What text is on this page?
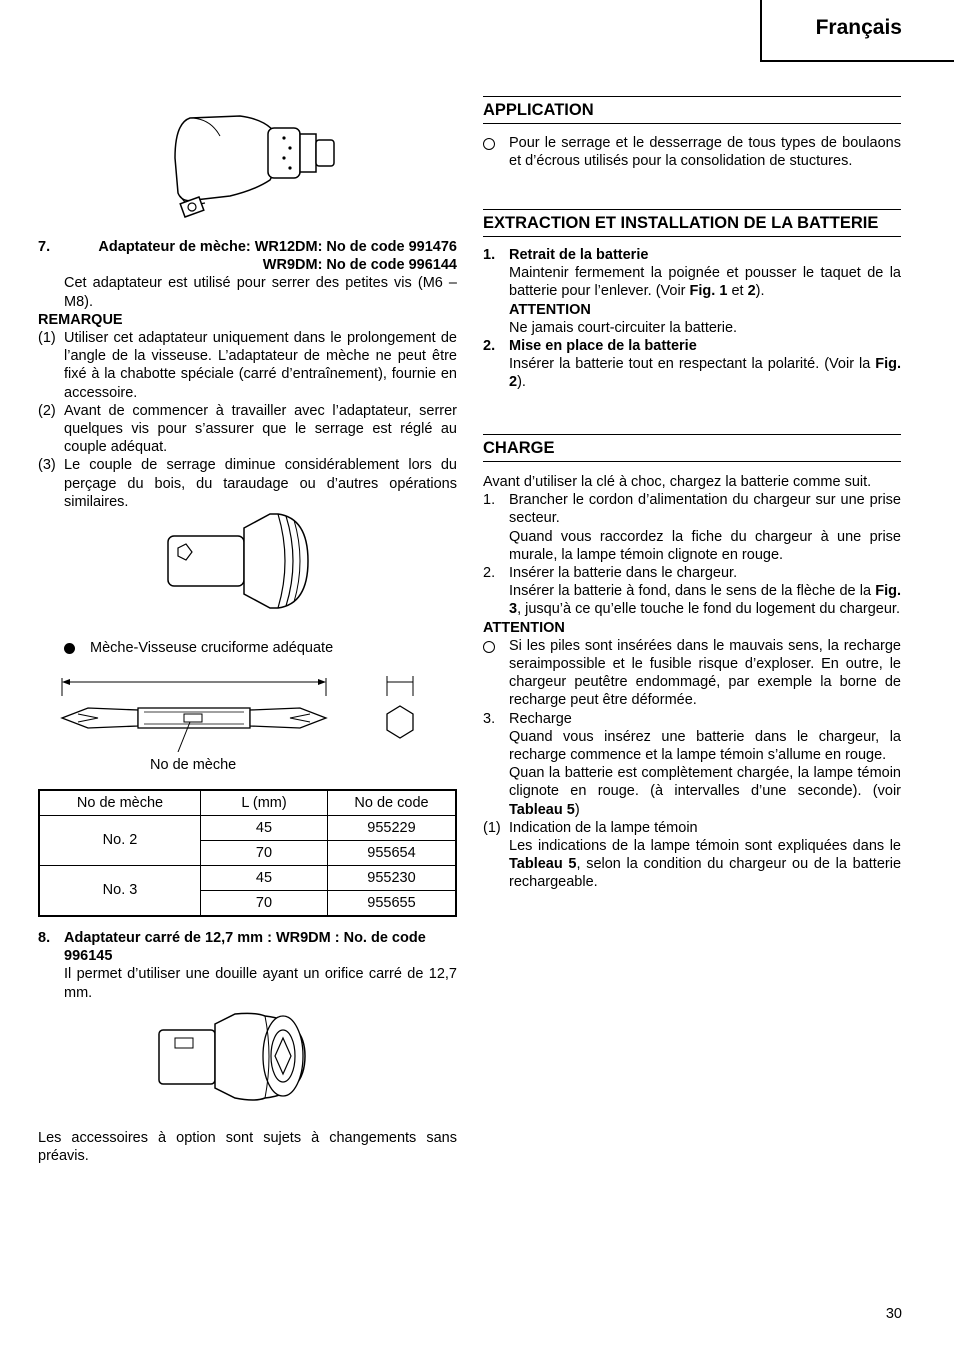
Français
7.	Adaptateur de mèche: WR12DM: No de code 991476
WR9DM: No de code 996144
Cet adaptateur est utilisé pour serrer des petites vis (M6 – M8).
REMARQUE
(1) Utiliser cet adaptateur uniquement dans le prolongement de l’angle de la visseuse. L’adaptateur de mèche ne peut être fixé à la chabotte spéciale (carré d’entraînement), fournie en accessoire.
(2) Avant de commencer à travailler avec l’adaptateur, serrer quelques vis pour s’assurer que le serrage est réglé au couple adéquat.
(3) Le couple de serrage diminue considérablement lors du perçage du bois, du taraudage ou d’autres opérations similaires.
Mèche-Visseuse cruciforme adéquate
No de mèche
No de mèche	L (mm)	No de code
No. 2	45	955229
	70	955654
No. 3	45	955230
	70	955655
8. Adaptateur carré de 12,7 mm : WR9DM : No. de code 996145
Il permet d’utiliser une douille ayant un orifice carré de 12,7 mm.
Les accessoires à option sont sujets à changements sans préavis.
APPLICATION
Pour le serrage et le desserrage de tous types de boulaons et d’écrous utilisés pour la consolidation de stuctures.
EXTRACTION ET INSTALLATION DE LA BATTERIE
1. Retrait de la batterie
Maintenir fermement la poignée et pousser le taquet de la batterie pour l’enlever. (Voir Fig. 1 et 2).
ATTENTION
Ne jamais court-circuiter la batterie.
2. Mise en place de la batterie
Insérer la batterie tout en respectant la polarité. (Voir la Fig. 2).
CHARGE
Avant d’utiliser la clé à choc, chargez la batterie comme suit.
1. Brancher le cordon d’alimentation du chargeur sur une prise secteur.
Quand vous raccordez la fiche du chargeur à une prise murale, la lampe témoin clignote en rouge.
2. Insérer la batterie dans le chargeur.
Insérer la batterie à fond, dans le sens de la flèche de la Fig. 3, jusqu’à ce qu’elle touche le fond du logement du chargeur.
ATTENTION
Si les piles sont insérées dans le mauvais sens, la recharge seraimpossible et le fusible risque d’exploser. En outre, le chargeur peutêtre endommagé, par exemple la borne de recharge peut être déformée.
3. Recharge
Quand vous insérez une batterie dans le chargeur, la recharge commence et la lampe témoin s’allume en rouge.
Quan la batterie est complètement chargée, la lampe témoin clignote en rouge. (à intervalles d’une seconde). (voir Tableau 5)
(1) Indication de la lampe témoin
Les indications de la lampe témoin sont expliquées dans le Tableau 5, selon la condition du chargeur ou de la batterie rechargeable.
30
